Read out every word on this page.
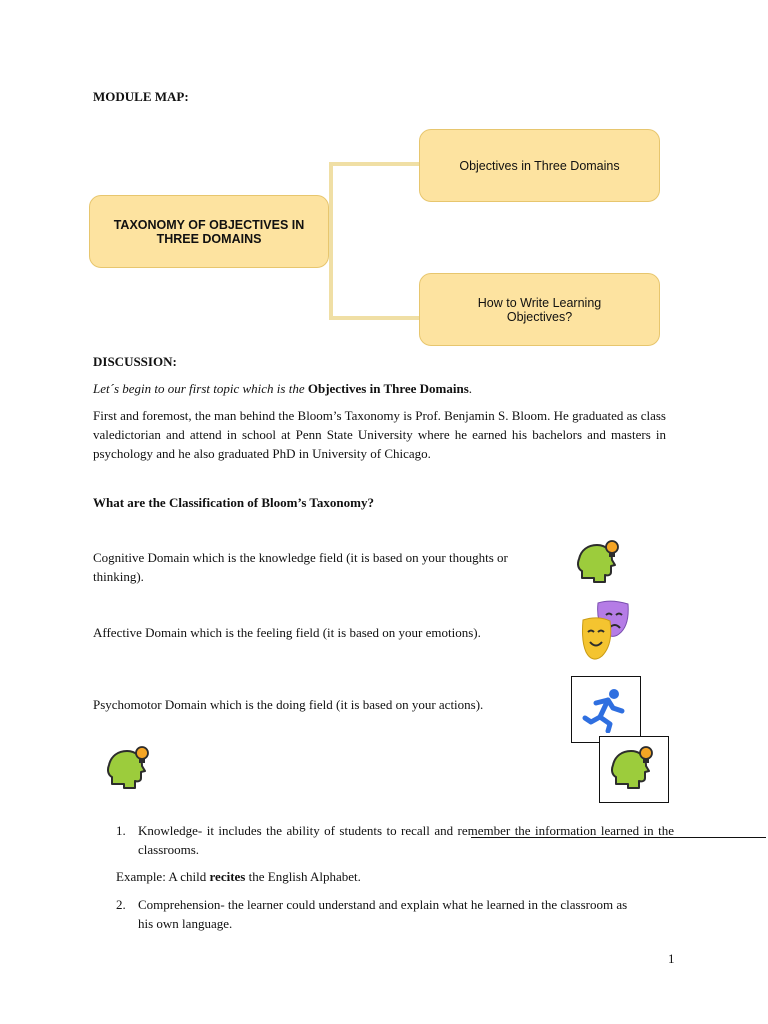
MODULE MAP:
TAXONOMY OF OBJECTIVES IN THREE DOMAINS
Objectives in Three Domains
How to Write Learning Objectives?
DISCUSSION:
Let´s begin to our first topic which is the Objectives in Three Domains.
First and foremost, the man behind the Bloom’s Taxonomy is Prof. Benjamin S. Bloom. He graduated as class valedictorian and attend in school at Penn State University where he earned his bachelors and masters in psychology and he also graduated PhD in University of Chicago.
What are the Classification of Bloom’s Taxonomy?
Cognitive Domain which is the knowledge field (it is based on your thoughts or thinking).
Affective Domain which is the feeling field (it is based on your emotions).
Psychomotor Domain which is the doing field (it is based on your actions).
1. Knowledge- it includes the ability of students to recall and remember the information learned in the classrooms.
Example: A child recites the English Alphabet.
2. Comprehension- the learner could understand and explain what he learned in the classroom as his own language.
1
